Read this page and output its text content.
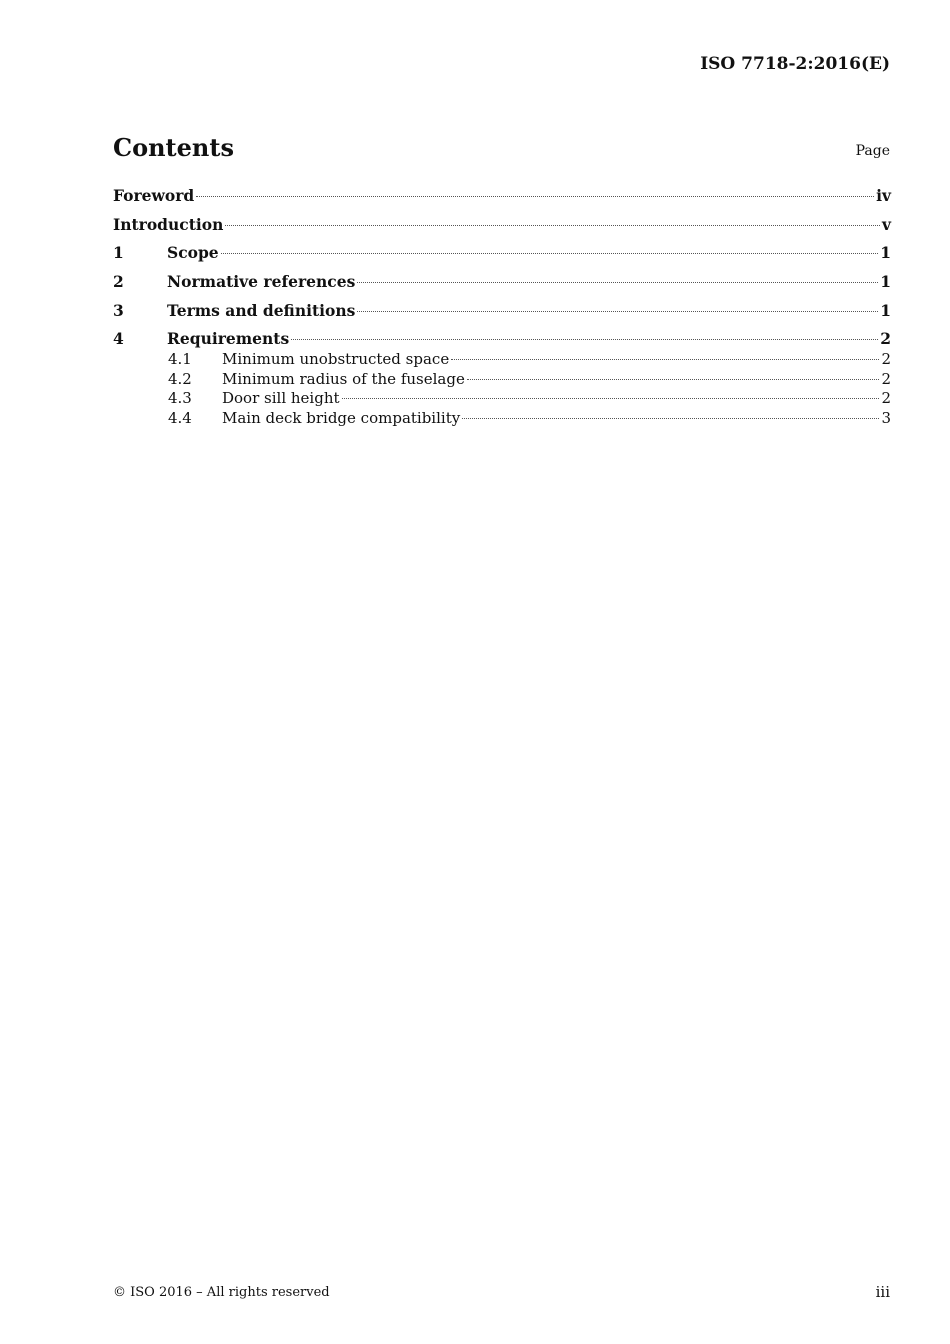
ISO 7718-2:2016(E)
Contents	Page
Foreword	iv
Introduction	v
1	Scope	1
2	Normative references	1
3	Terms and definitions	1
4	Requirements	2
4.1	Minimum unobstructed space	2
4.2	Minimum radius of the fuselage	2
4.3	Door sill height	2
4.4	Main deck bridge compatibility	3
© ISO 2016 – All rights reserved	iii
